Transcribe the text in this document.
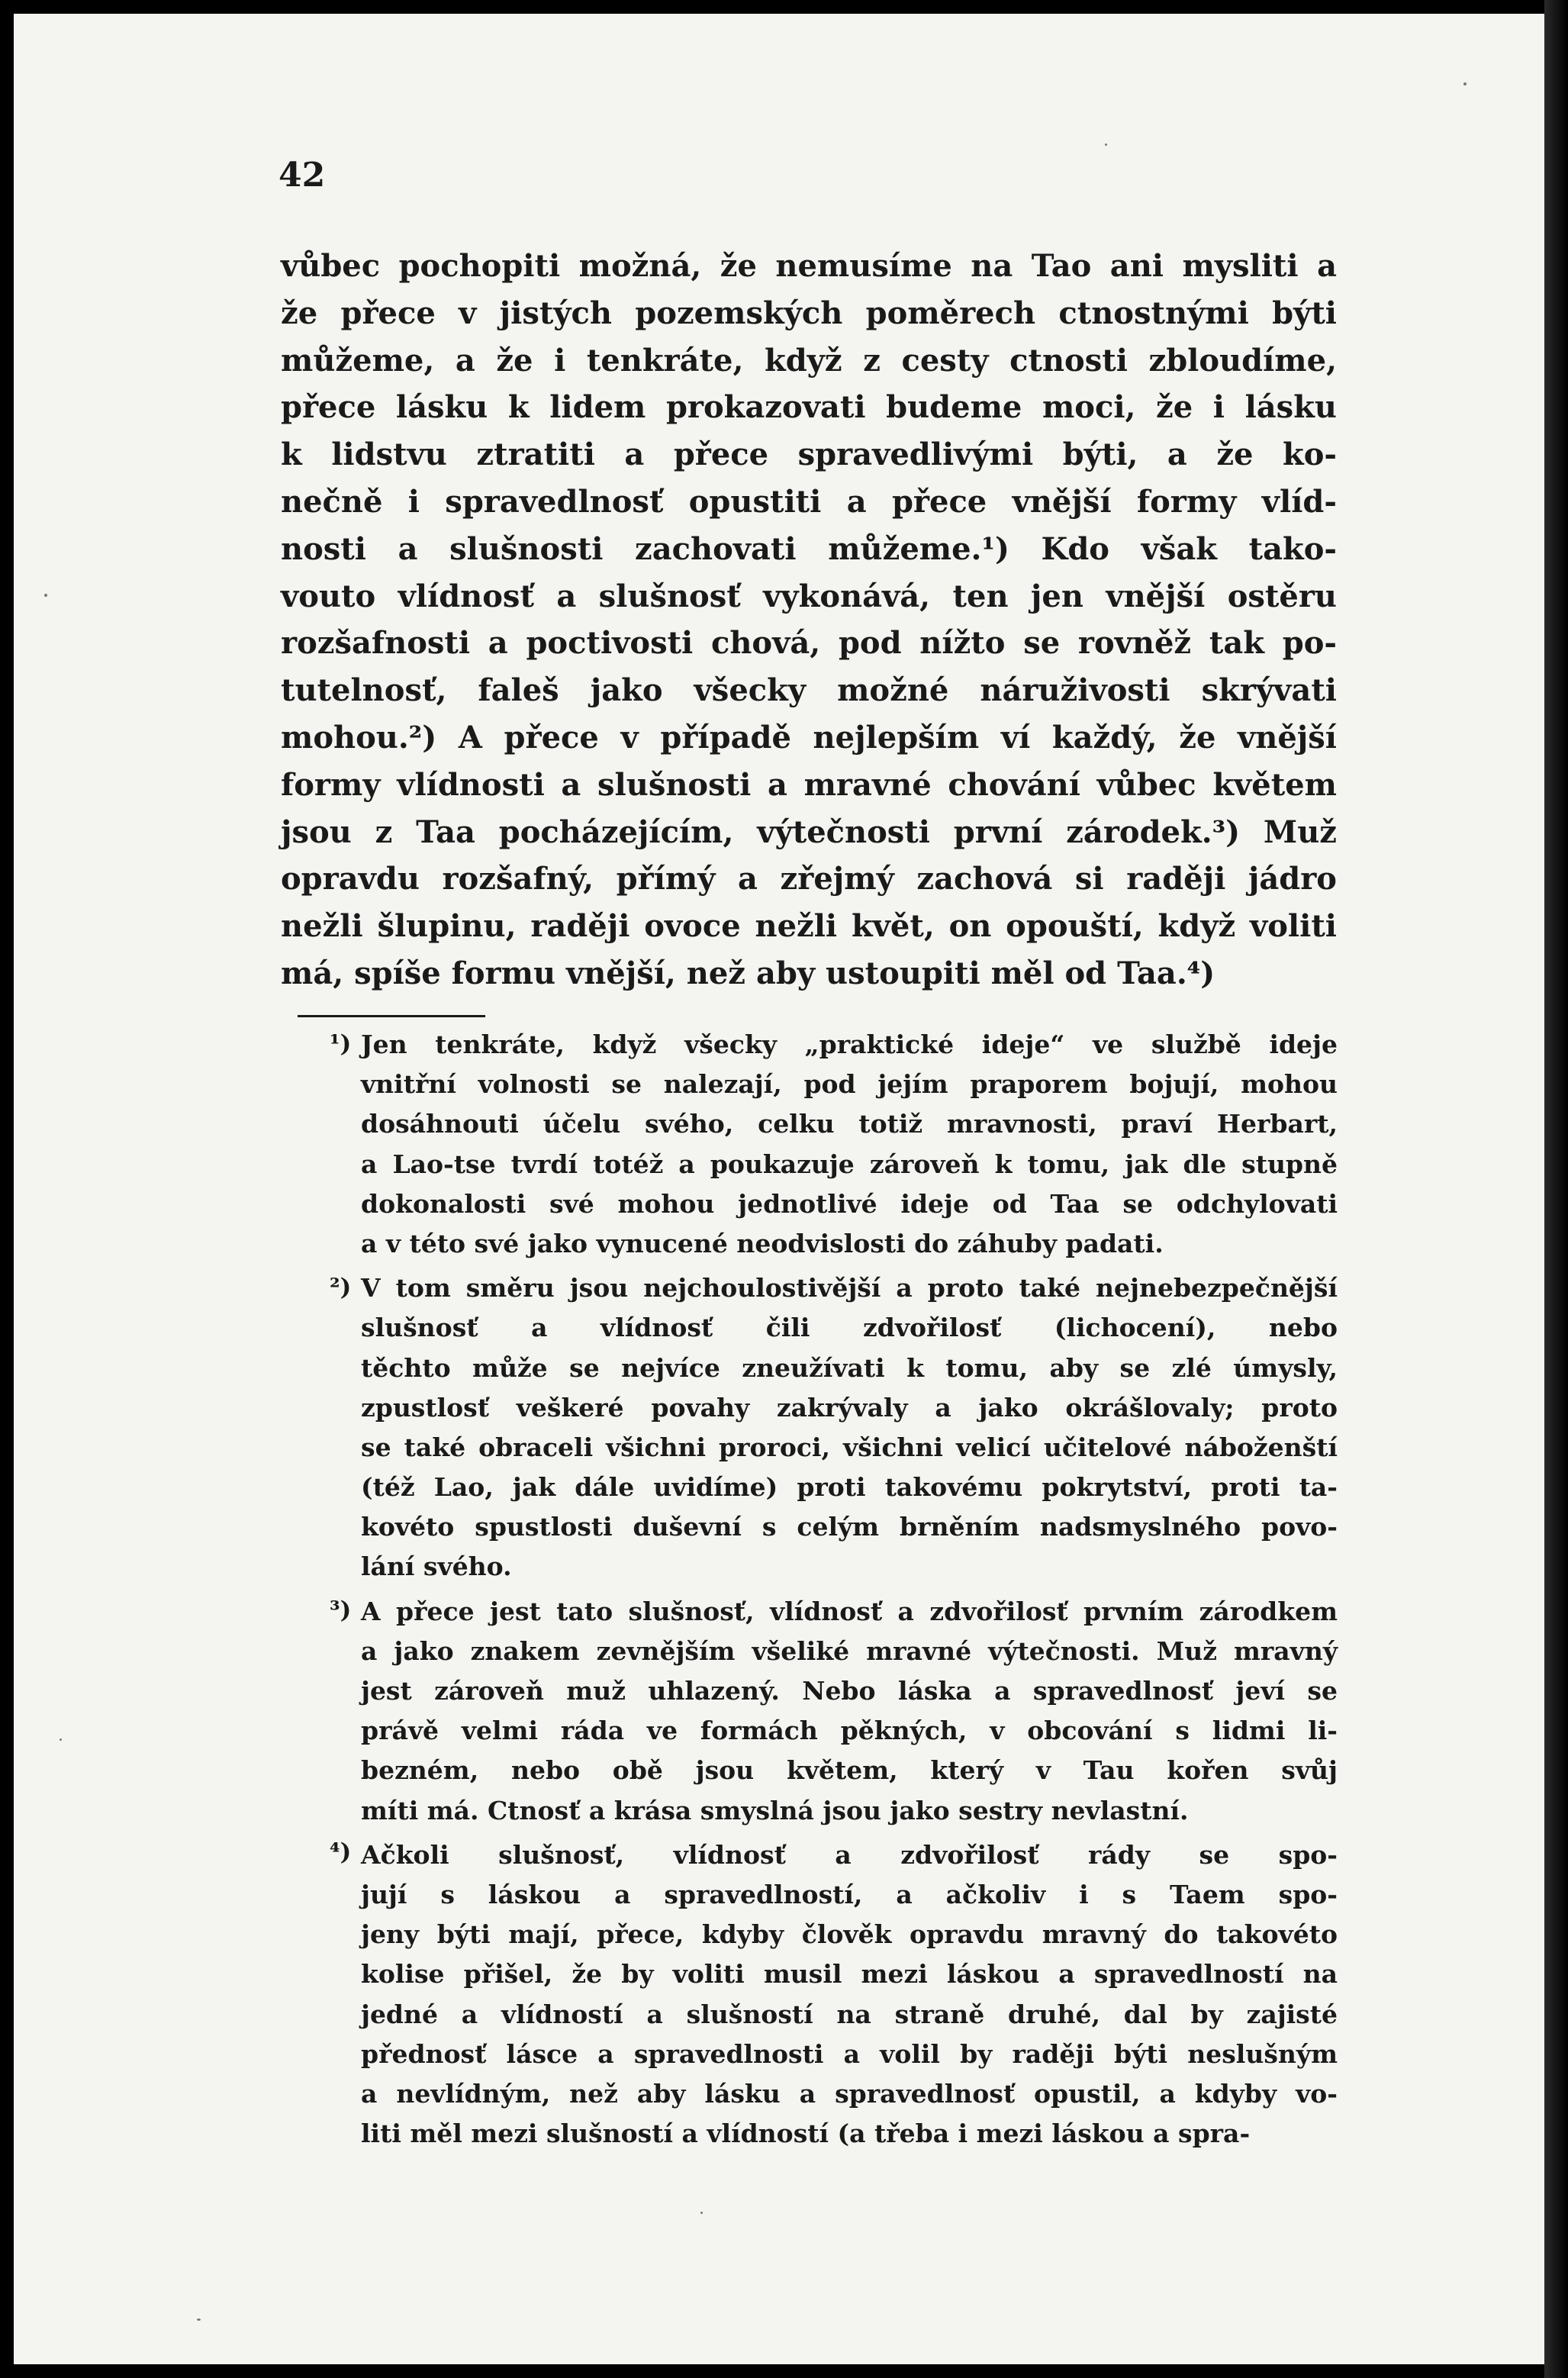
42
vůbec pochopiti možná, že nemusíme na Tao ani mysliti a
že přece v jistých pozemských poměrech ctnostnými býti
můžeme, a že i tenkráte, když z cesty ctnosti zbloudíme,
přece lásku k lidem prokazovati budeme moci, že i lásku
k lidstvu ztratiti a přece spravedlivými býti, a že ko-
nečně i spravedlnosť opustiti a přece vnější formy vlíd-
nosti a slušnosti zachovati můžeme.¹) Kdo však tako-
vouto vlídnosť a slušnosť vykonává, ten jen vnější ostěru
rozšafnosti a poctivosti chová, pod nížto se rovněž tak po-
tutelnosť, faleš jako všecky možné náruživosti skrývati
mohou.²) A přece v případě nejlepším ví každý, že vnější
formy vlídnosti a slušnosti a mravné chování vůbec květem
jsou z Taa pocházejícím, výtečnosti první zárodek.³) Muž
opravdu rozšafný, přímý a zřejmý zachová si raději jádro
nežli šlupinu, raději ovoce nežli květ, on opouští, když voliti
má, spíše formu vnější, než aby ustoupiti měl od Taa.⁴)
¹)
²)
³)
⁴)
Jen tenkráte, když všecky „praktické ideje“ ve službě ideje
vnitřní volnosti se nalezají, pod jejím praporem bojují, mohou
dosáhnouti účelu svého, celku totiž mravnosti, praví Herbart,
a Lao-tse tvrdí totéž a poukazuje zároveň k tomu, jak dle stupně
dokonalosti své mohou jednotlivé ideje od Taa se odchylovati
a v této své jako vynucené neodvislosti do záhuby padati.
V tom směru jsou nejchoulostivější a proto také nejnebezpečnější
slušnosť a vlídnosť čili zdvořilosť (lichocení), nebo
těchto může se nejvíce zneužívati k tomu, aby se zlé úmysly,
zpustlosť veškeré povahy zakrývaly a jako okrášlovaly; proto
se také obraceli všichni proroci, všichni velicí učitelové náboženští
(též Lao, jak dále uvidíme) proti takovému pokrytství, proti ta-
kovéto spustlosti duševní s celým brněním nadsmyslného povo-
lání svého.
A přece jest tato slušnosť, vlídnosť a zdvořilosť prvním zárodkem
a jako znakem zevnějším všeliké mravné výtečnosti. Muž mravný
jest zároveň muž uhlazený. Nebo láska a spravedlnosť jeví se
právě velmi ráda ve formách pěkných, v obcování s lidmi li-
bezném, nebo obě jsou květem, který v Tau kořen svůj
míti má. Ctnosť a krása smyslná jsou jako sestry nevlastní.
Ačkoli slušnosť, vlídnosť a zdvořilosť rády se spo-
jují s láskou a spravedlností, a ačkoliv i s Taem spo-
jeny býti mají, přece, kdyby člověk opravdu mravný do takovéto
kolise přišel, že by voliti musil mezi láskou a spravedlností na
jedné a vlídností a slušností na straně druhé, dal by zajisté
přednosť lásce a spravedlnosti a volil by raději býti neslušným
a nevlídným, než aby lásku a spravedlnosť opustil, a kdyby vo-
liti měl mezi slušností a vlídností (a třeba i mezi láskou a spra-
